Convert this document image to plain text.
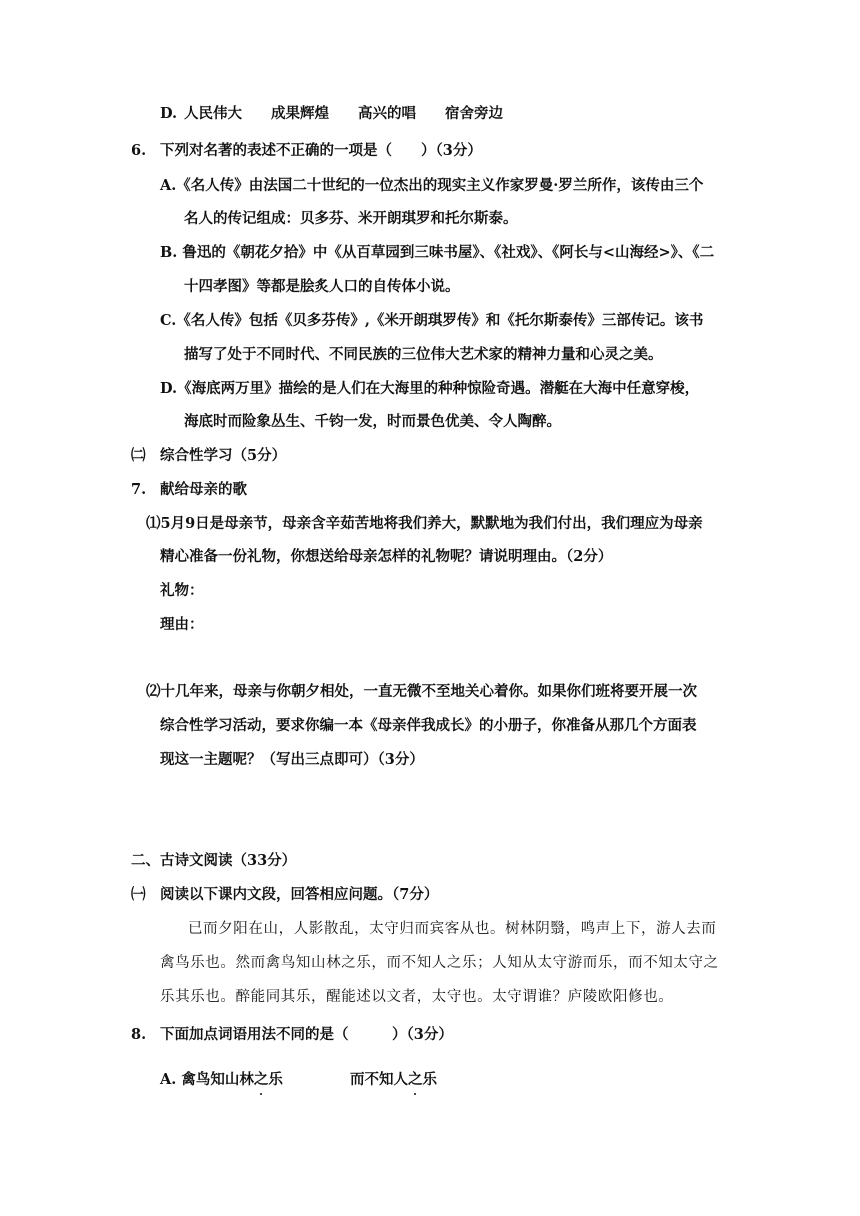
D. 人民伟大 成果辉煌 高兴的唱 宿舍旁边
6. 下列对名著的表述不正确的一项是（　　）（3分）
A.《名人传》由法国二十世纪的一位杰出的现实主义作家罗曼·罗兰所作，该传由三个
名人的传记组成：贝多芬、米开朗琪罗和托尔斯泰。
B. 鲁迅的《朝花夕拾》中《从百草园到三味书屋》、《社戏》、《阿长与<山海经>》、《二
十四孝图》等都是脍炙人口的自传体小说。
C.《名人传》包括《贝多芬传》,《米开朗琪罗传》和《托尔斯泰传》三部传记。该书
描写了处于不同时代、不同民族的三位伟大艺术家的精神力量和心灵之美。
D.《海底两万里》描绘的是人们在大海里的种种惊险奇遇。潜艇在大海中任意穿梭，
海底时而险象丛生、千钧一发，时而景色优美、令人陶醉。
㈡ 综合性学习（5分）
7. 献给母亲的歌
⑴5月9日是母亲节，母亲含辛茹苦地将我们养大，默默地为我们付出，我们理应为母亲
精心准备一份礼物，你想送给母亲怎样的礼物呢？请说明理由。（2分）
礼物：
理由：
⑵十几年来，母亲与你朝夕相处，一直无微不至地关心着你。如果你们班将要开展一次
综合性学习活动，要求你编一本《母亲伴我成长》的小册子，你准备从那几个方面表
现这一主题呢？（写出三点即可）（3分）
二、古诗文阅读（33分）
㈠ 阅读以下课内文段，回答相应问题。（7分）
已而夕阳在山，人影散乱，太守归而宾客从也。树林阴翳，鸣声上下，游人去而
禽鸟乐也。然而禽鸟知山林之乐，而不知人之乐；人知从太守游而乐，而不知太守之
乐其乐也。醉能同其乐，醒能述以文者，太守也。太守谓谁？庐陵欧阳修也。
8. 下面加点词语用法不同的是（　　　）（3分）
A. 禽鸟知山林之乐	而不知人之乐
